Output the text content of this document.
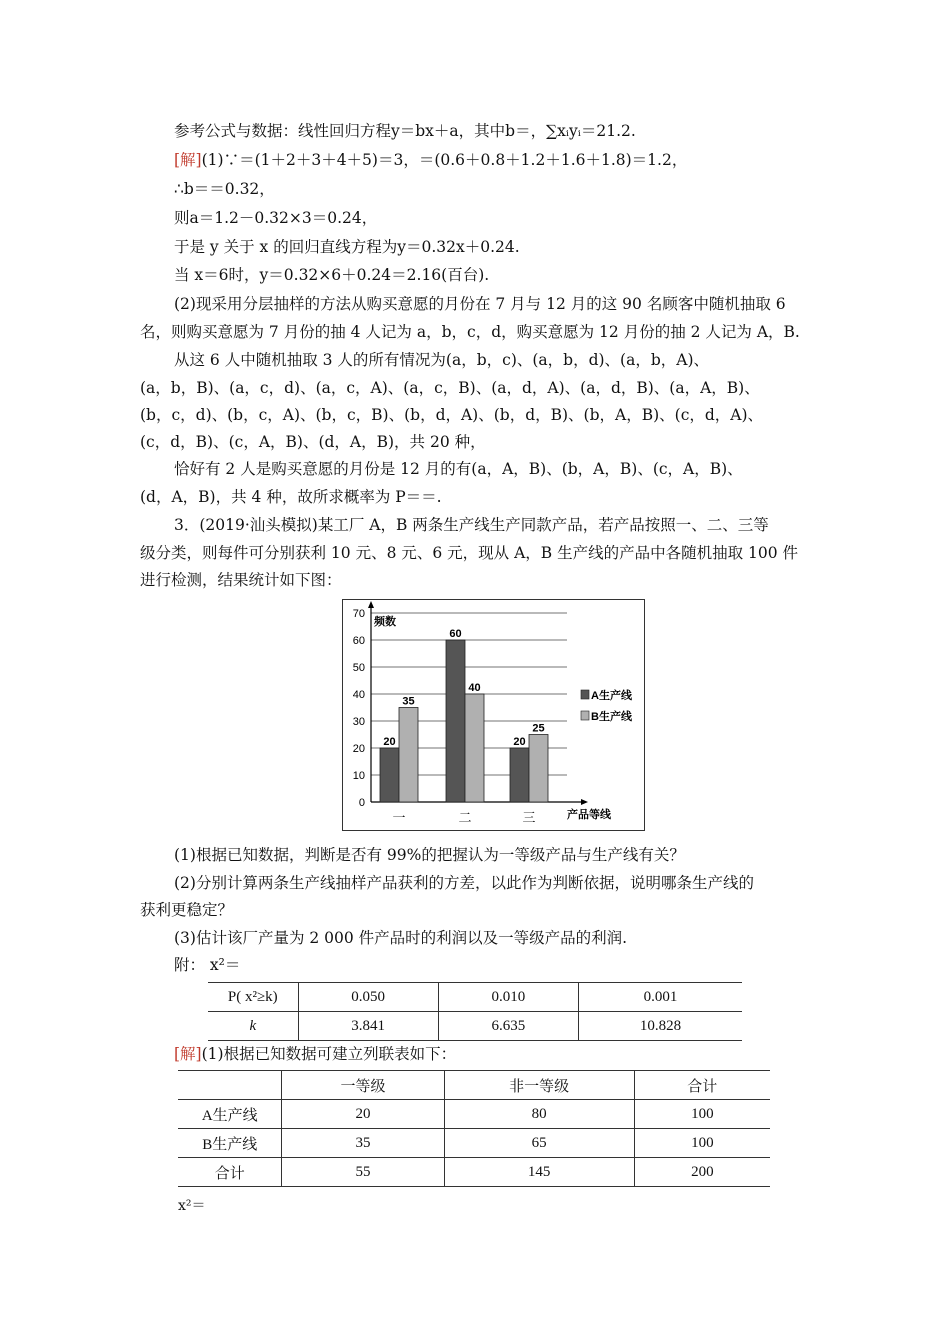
参考公式与数据：线性回归方程y＝bx＋a，其中b＝，∑xᵢyᵢ＝21.2.
[解](1)∵＝(1＋2＋3＋4＋5)＝3，＝(0.6＋0.8＋1.2＋1.6＋1.8)＝1.2，
∴b＝＝0.32，
则a＝1.2－0.32×3＝0.24，
于是 y 关于 x 的回归直线方程为y＝0.32x＋0.24.
当 x＝6时，y＝0.32×6＋0.24＝2.16(百台).
(2)现采用分层抽样的方法从购买意愿的月份在 7 月与 12 月的这 90 名顾客中随机抽取 6
名，则购买意愿为 7 月份的抽 4 人记为 a，b，c，d，购买意愿为 12 月份的抽 2 人记为 A，B.
从这 6 人中随机抽取 3 人的所有情况为(a，b，c)、(a，b，d)、(a，b，A)、
(a，b，B)、(a，c，d)、(a，c，A)、(a，c，B)、(a，d，A)、(a，d，B)、(a，A，B)、
(b，c，d)、(b，c，A)、(b，c，B)、(b，d，A)、(b，d，B)、(b，A，B)、(c，d，A)、
(c，d，B)、(c，A，B)、(d，A，B)，共 20 种，
恰好有 2 人是购买意愿的月份是 12 月的有(a，A，B)、(b，A，B)、(c，A，B)、
(d，A，B)，共 4 种，故所求概率为 P＝＝.
3．(2019·汕头模拟)某工厂 A，B 两条生产线生产同款产品，若产品按照一、二、三等
级分类，则每件可分别获利 10 元、8 元、6 元，现从 A，B 生产线的产品中各随机抽取 100 件
进行检测，结果统计如下图：
0
10
20
30
40
50
60
70
频数
产品等线
20
35
一
60
40
二
20
25
三
A生产线
B生产线
(1)根据已知数据，判断是否有 99%的把握认为一等级产品与生产线有关？
(2)分别计算两条生产线抽样产品获利的方差，以此作为判断依据，说明哪条生产线的
获利更稳定？
(3)估计该厂产量为 2 000 件产品时的利润以及一等级产品的利润.
附： x²＝
P( x²≥k)	0.050	0.010	0.001
k	3.841	6.635	10.828
[解](1)根据已知数据可建立列联表如下：
	一等级	非一等级	合计
A生产线	20	80	100
B生产线	35	65	100
合计	55	145	200
x²＝
